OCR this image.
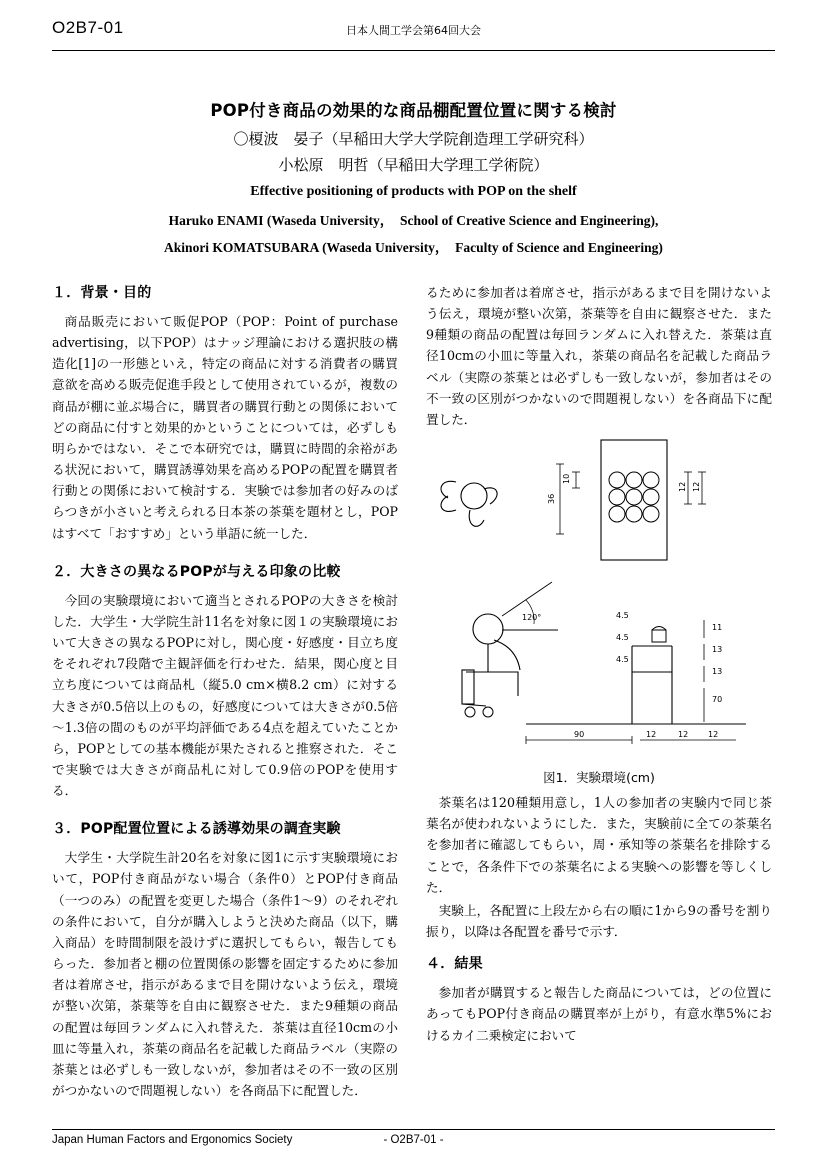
O2B7-01	日本人間工学会第64回大会
POP付き商品の効果的な商品棚配置位置に関する検討
〇榎波　晏子（早稲田大学大学院創造理工学研究科）
小松原　明哲（早稲田大学理工学術院）
Effective positioning of products with POP on the shelf
Haruko ENAMI (Waseda University，　School of Creative Science and Engineering),
Akinori KOMATSUBARA (Waseda University，　Faculty of Science and Engineering)
１．背景・目的

商品販売において販促POP（POP：Point of purchase advertising，以下POP）はナッジ理論における選択肢の構造化[1]の一形態といえ，特定の商品に対する消費者の購買意欲を高める販売促進手段として使用されているが，複数の商品が棚に並ぶ場合に，購買者の購買行動との関係においてどの商品に付すと効果的かということについては，必ずしも明らかではない．そこで本研究では，購買に時間的余裕がある状況において，購買誘導効果を高めるPOPの配置を購買者行動との関係において検討する．実験では参加者の好みのばらつきが小さいと考えられる日本茶の茶葉を題材とし，POPはすべて「おすすめ」という単語に統一した．

２．大きさの異なるPOPが与える印象の比較

今回の実験環境において適当とされるPOPの大きさを検討した．大学生・大学院生計11名を対象に図１の実験環境において大きさの異なるPOPに対し，関心度・好感度・目立ち度をそれぞれ7段階で主観評価を行わせた．結果，関心度と目立ち度については商品札（縦5.0 cm×横8.2 cm）に対する大きさが0.5倍以上のもの，好感度については大きさが0.5倍～1.3倍の間のものが平均評価である4点を超えていたことから，POPとしての基本機能が果たされると推察された．そこで実験では大きさが商品札に対して0.9倍のPOPを使用する．

３．POP配置位置による誘導効果の調査実験

大学生・大学院生計20名を対象に図1に示す実験環境において，POP付き商品がない場合（条件0）とPOP付き商品（一つのみ）の配置を変更した場合（条件1～9）のそれぞれの条件において，自分が購入しようと決めた商品（以下，購入商品）を時間制限を設けずに選択してもらい，報告してもらった．参加者と棚の位置関係の影響を固定するために参加者は着席させ，指示があるまで目を開けないよう伝え，環境が整い次第，茶葉等を自由に観察させた．また9種類の商品の配置は毎回ランダムに入れ替えた．茶葉は直径10cmの小皿に等量入れ，茶葉の商品名を記載した商品ラベル（実際の茶葉とは必ずしも一致しないが，参加者はその不一致の区別がつかないので問題視しない）を各商品下に配置した．

るために参加者は着席させ，指示があるまで目を開けないよう伝え，環境が整い次第，茶葉等を自由に観察させた．また9種類の商品の配置は毎回ランダムに入れ替えた．茶葉は直径10cmの小皿に等量入れ，茶葉の商品名を記載した商品ラベル（実際の茶葉とは必ずしも一致しないが，参加者はその不一致の区別がつかないので問題視しない）を各商品下に配置した．

10
36
12 12
120°
11
13
13
70
4.5
4.5
4.5
90	12	12 12
図1．実験環境(cm)

茶葉名は120種類用意し，1人の参加者の実験内で同じ茶葉名が使われないようにした．また，実験前に全ての茶葉名を参加者に確認してもらい，周・承知等の茶葉名を排除することで，各条件下での茶葉名による実験への影響を等しくした．

実験上，各配置に上段左から右の順に1から9の番号を割り振り，以降は各配置を番号で示す．

４．結果

参加者が購買すると報告した商品については，どの位置にあってもPOP付き商品の購買率が上がり，有意水準5%におけるカイ二乗検定において

Japan Human Factors and Ergonomics Society	- O2B7-01 -
